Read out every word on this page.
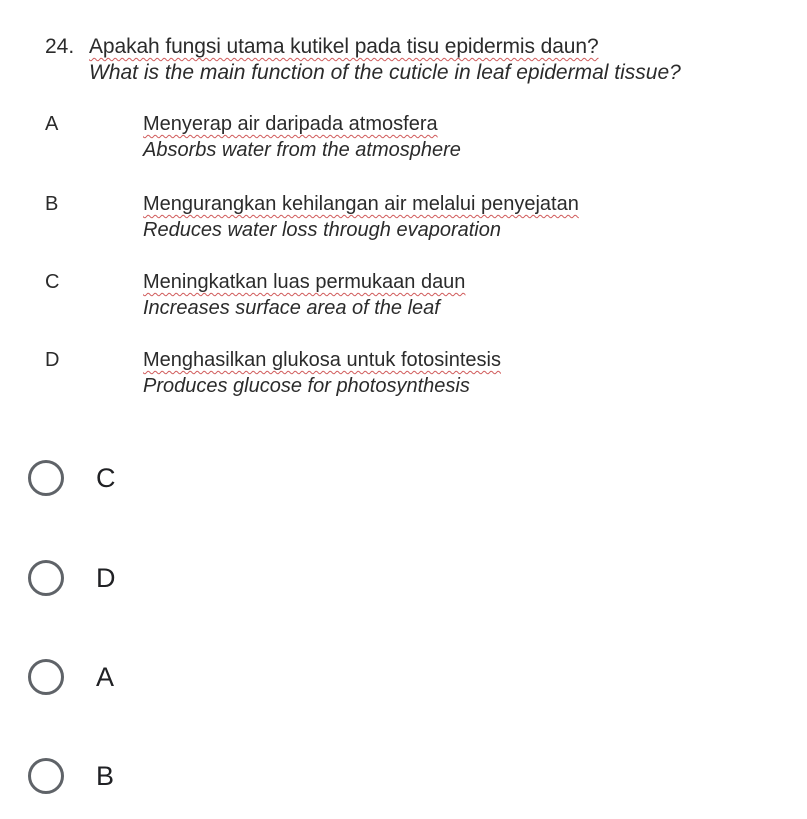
24. Apakah fungsi utama kutikel pada tisu epidermis daun?
What is the main function of the cuticle in leaf epidermal tissue?
A	Menyerap air daripada atmosfera
Absorbs water from the atmosphere
B	Mengurangkan kehilangan air melalui penyejatan
Reduces water loss through evaporation
C	Meningkatkan luas permukaan daun
Increases surface area of the leaf
D	Menghasilkan glukosa untuk fotosintesis
Produces glucose for photosynthesis
C
D
A
B
